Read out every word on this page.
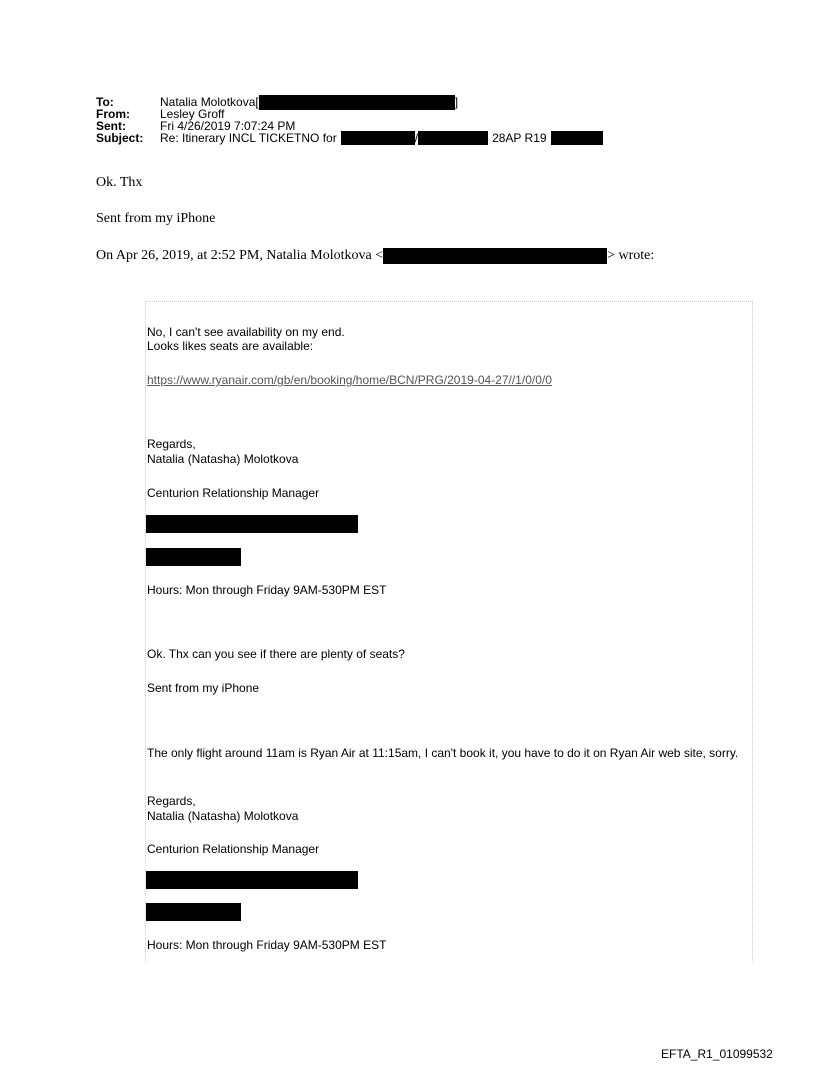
To:	Natalia Molotkova[	]
From:	Lesley Groff
Sent:	Fri 4/26/2019 7:07:24 PM
Subject:	Re: Itinerary INCL TICKETNO for	/	28AP R19
Ok. Thx
Sent from my iPhone
On Apr 26, 2019, at 2:52 PM, Natalia Molotkova <	> wrote:
No, I can't see availability on my end.
Looks likes seats are available:
https://www.ryanair.com/gb/en/booking/home/BCN/PRG/2019-04-27//1/0/0/0
Regards,
Natalia (Natasha) Molotkova
Centurion Relationship Manager
Hours: Mon through Friday 9AM-530PM EST
Ok. Thx can you see if there are plenty of seats?
Sent from my iPhone
The only flight around 11am is Ryan Air at 11:15am, I can't book it, you have to do it on Ryan Air web site, sorry.
Regards,
Natalia (Natasha) Molotkova
Centurion Relationship Manager
Hours: Mon through Friday 9AM-530PM EST
EFTA_R1_01099532
